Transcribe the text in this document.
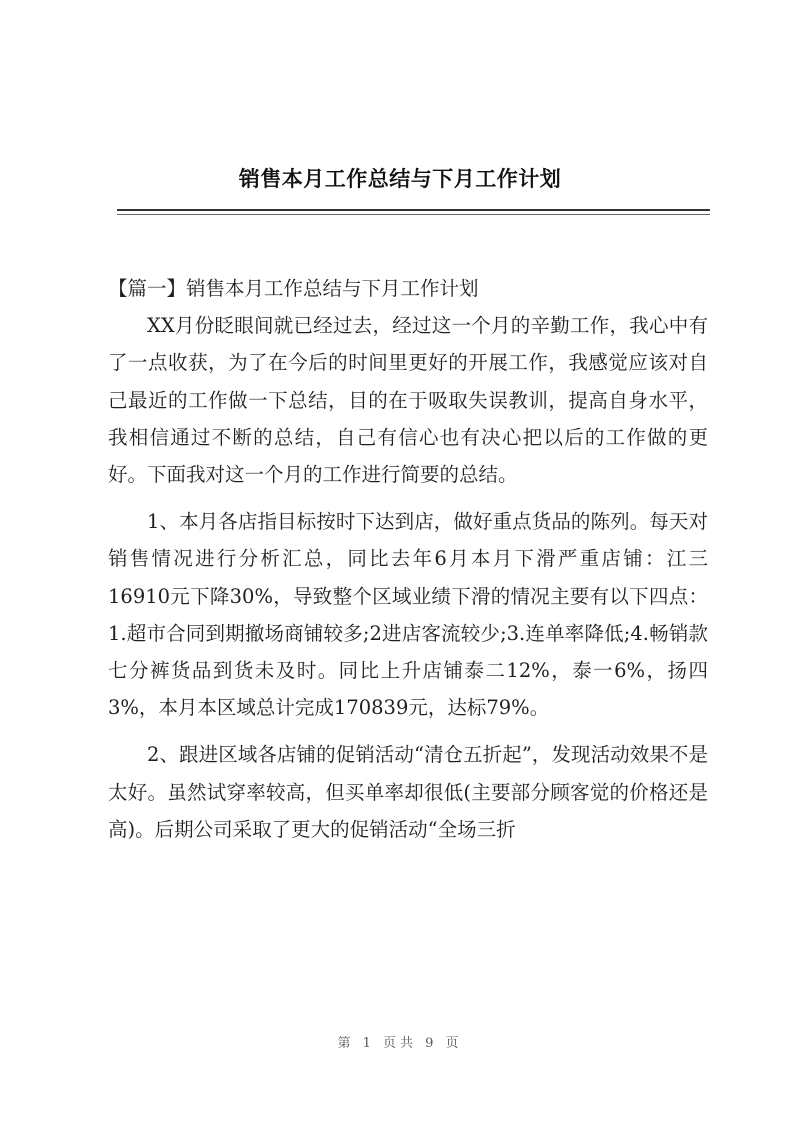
销售本月工作总结与下月工作计划

【篇一】销售本月工作总结与下月工作计划

XX月份眨眼间就已经过去，经过这一个月的辛勤工作，我心中有了一点收获，为了在今后的时间里更好的开展工作，我感觉应该对自己最近的工作做一下总结，目的在于吸取失误教训，提高自身水平，我相信通过不断的总结，自己有信心也有决心把以后的工作做的更好。下面我对这一个月的工作进行简要的总结。

1、本月各店指目标按时下达到店，做好重点货品的陈列。每天对销售情况进行分析汇总，同比去年6月本月下滑严重店铺：江三16910元下降30%，导致整个区域业绩下滑的情况主要有以下四点：1.超市合同到期撤场商铺较多;2进店客流较少;3.连单率降低;4.畅销款七分裤货品到货未及时。同比上升店铺泰二12%，泰一6%，扬四3%，本月本区域总计完成170839元，达标79%。

2、跟进区域各店铺的促销活动“清仓五折起”，发现活动效果不是太好。虽然试穿率较高，但买单率却很低(主要部分顾客觉的价格还是高)。后期公司采取了更大的促销活动“全场三折

第 1 页共 9 页
